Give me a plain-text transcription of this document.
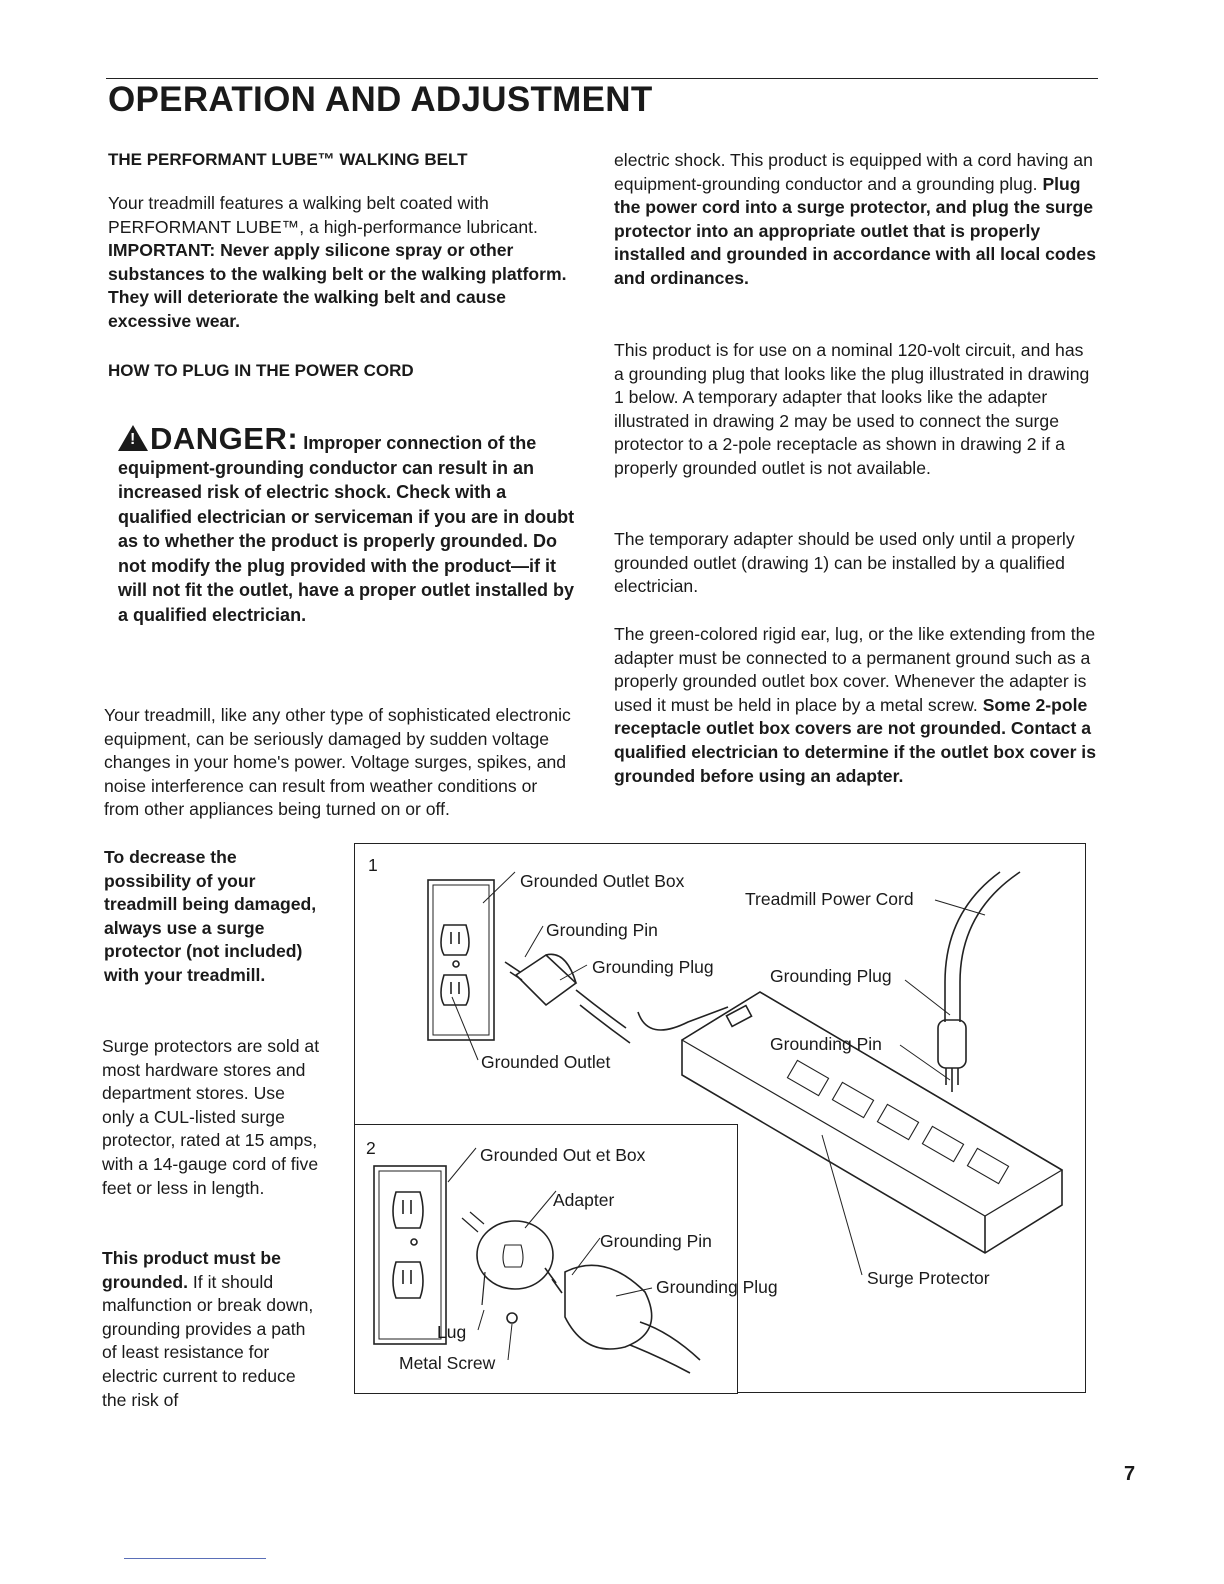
OPERATION AND ADJUSTMENT
THE PERFORMANT LUBE™ WALKING BELT
Your treadmill features a walking belt coated with PERFORMANT LUBE™, a high-performance lubricant. IMPORTANT: Never apply silicone spray or other substances to the walking belt or the walking platform. They will deteriorate the walking belt and cause excessive wear.
HOW TO PLUG IN THE POWER CORD
!DANGER: Improper connection of the equipment-grounding conductor can result in an increased risk of electric shock. Check with a qualified electrician or serviceman if you are in doubt as to whether the product is properly grounded. Do not modify the plug provided with the product—if it will not fit the outlet, have a proper outlet installed by a qualified electrician.
Your treadmill, like any other type of sophisticated electronic equipment, can be seriously damaged by sudden voltage changes in your home's power. Voltage surges, spikes, and noise interference can result from weather conditions or from other appliances being turned on or off.
To decrease the possibility of your treadmill being damaged, always use a surge protector (not included) with your treadmill.
Surge protectors are sold at most hardware stores and department stores. Use only a CUL-listed surge protector, rated at 15 amps, with a 14-gauge cord of five feet or less in length.
This product must be grounded. If it should malfunction or break down, grounding provides a path of least resistance for electric current to reduce the risk of
electric shock. This product is equipped with a cord having an equipment-grounding conductor and a grounding plug. Plug the power cord into a surge protector, and plug the surge protector into an appropriate outlet that is properly installed and grounded in accordance with all local codes and ordinances.
This product is for use on a nominal 120-volt circuit, and has a grounding plug that looks like the plug illustrated in drawing 1 below. A temporary adapter that looks like the adapter illustrated in drawing 2 may be used to connect the surge protector to a 2-pole receptacle as shown in drawing 2 if a properly grounded outlet is not available.
The temporary adapter should be used only until a properly grounded outlet (drawing 1) can be installed by a qualified electrician.
The green-colored rigid ear, lug, or the like extending from the adapter must be connected to a permanent ground such as a properly grounded outlet box cover. Whenever the adapter is used it must be held in place by a metal screw. Some 2-pole receptacle outlet box covers are not grounded. Contact a qualified electrician to determine if the outlet box cover is grounded before using an adapter.
1
2
Grounded Outlet Box
Grounding Pin
Grounding Plug
Grounded Outlet
Treadmill Power Cord
Grounding Plug
Grounding Pin
Grounded Out et Box
Adapter
Grounding Pin
Grounding Plug	Surge Protector
Lug
Metal Screw
7
